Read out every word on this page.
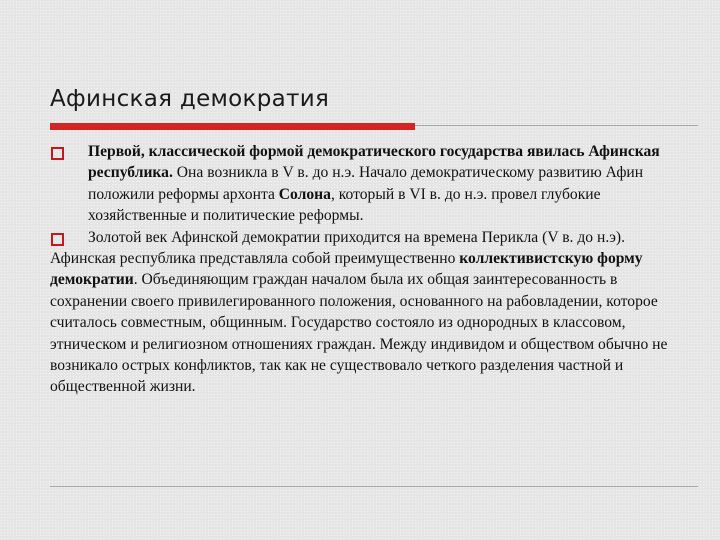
Афинская демократия

Первой, классической формой демократического государства явилась Афинская республика. Она возникла в V в. до н.э. Начало демократическому развитию Афин положили реформы архонта Солона, который в VI в. до н.э. провел глубокие хозяйственные и политические реформы.

Золотой век Афинской демократии приходится на времена Перикла (V в. до н.э).

Афинская республика представляла собой преимущественно коллективистскую форму демократии. Объединяющим граждан началом была их общая заинтересованность в сохранении своего привилегированного положения, основанного на рабовладении, которое считалось совместным, общинным. Государство состояло из однородных в классовом, этническом и религиозном отношениях граждан. Между индивидом и обществом обычно не возникало острых конфликтов, так как не существовало четкого разделения частной и общественной жизни.
